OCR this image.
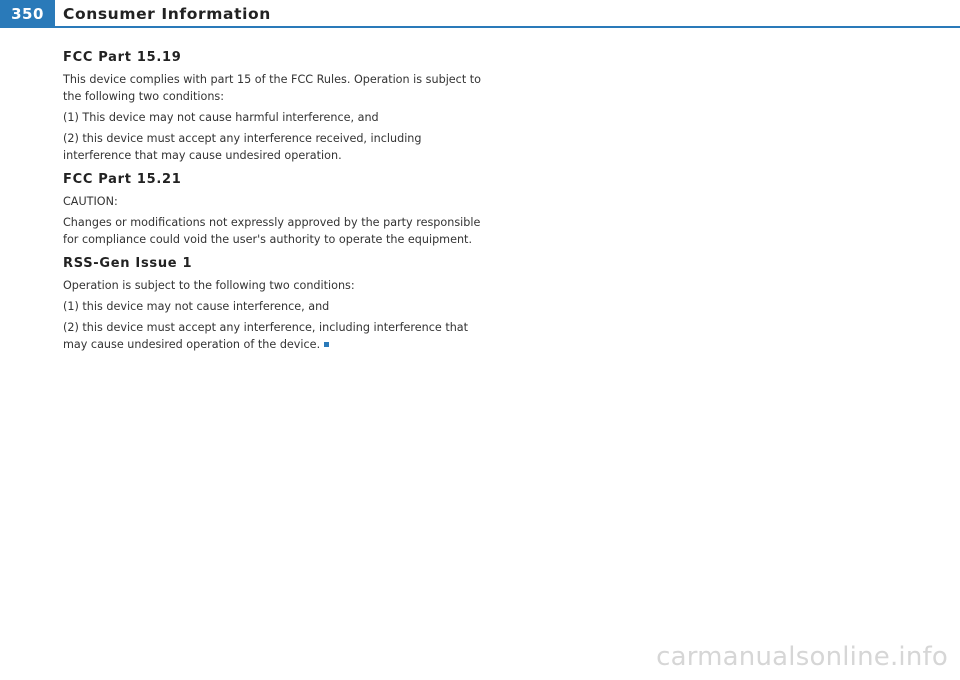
350	Consumer Information
FCC Part 15.19

This device complies with part 15 of the FCC Rules. Operation is subject to the following two conditions:

(1) This device may not cause harmful interference, and

(2) this device must accept any interference received, including interference that may cause undesired operation.

FCC Part 15.21

CAUTION:

Changes or modifications not expressly approved by the party responsible for compliance could void the user's authority to operate the equipment.

RSS-Gen Issue 1

Operation is subject to the following two conditions:

(1) this device may not cause interference, and

(2) this device must accept any interference, including interference that may cause undesired operation of the device.

carmanualsonline.info
